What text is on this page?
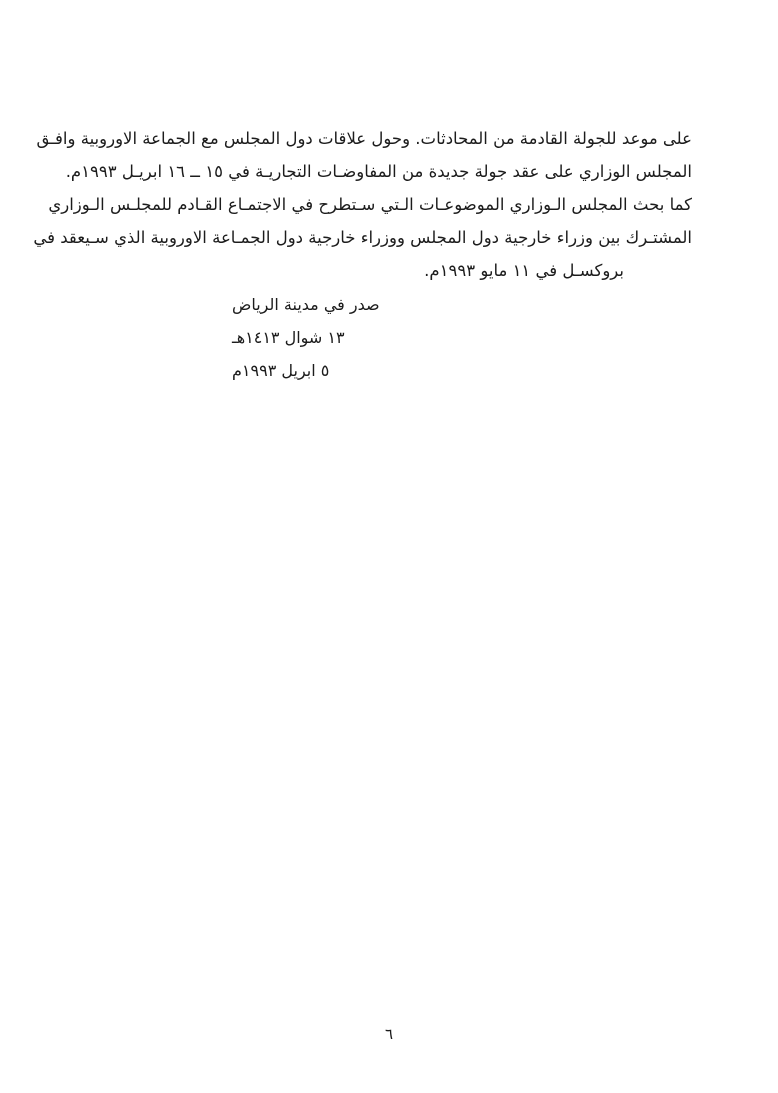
على موعد للجولة القادمة من المحادثات. وحول علاقات دول المجلس مع الجماعة الاوروبية وافـق
المجلس الوزاري على عقد جولة جديدة من المفاوضـات التجاريـة في ١٥ ــ ١٦ ابريـل ١٩٩٣م.
كما بحث المجلس الـوزاري الموضوعـات الـتي سـتطرح في الاجتمـاع القـادم للمجلـس الـوزاري
المشتـرك بين وزراء خارجية دول المجلس ووزراء خارجية دول الجمـاعة الاوروبية الذي سـيعقد في
بروكسـل في ١١ مايو ١٩٩٣م.
صدر في مدينة الرياض
١٣ شوال ١٤١٣هـ
٥ ابريل ١٩٩٣م
٦
